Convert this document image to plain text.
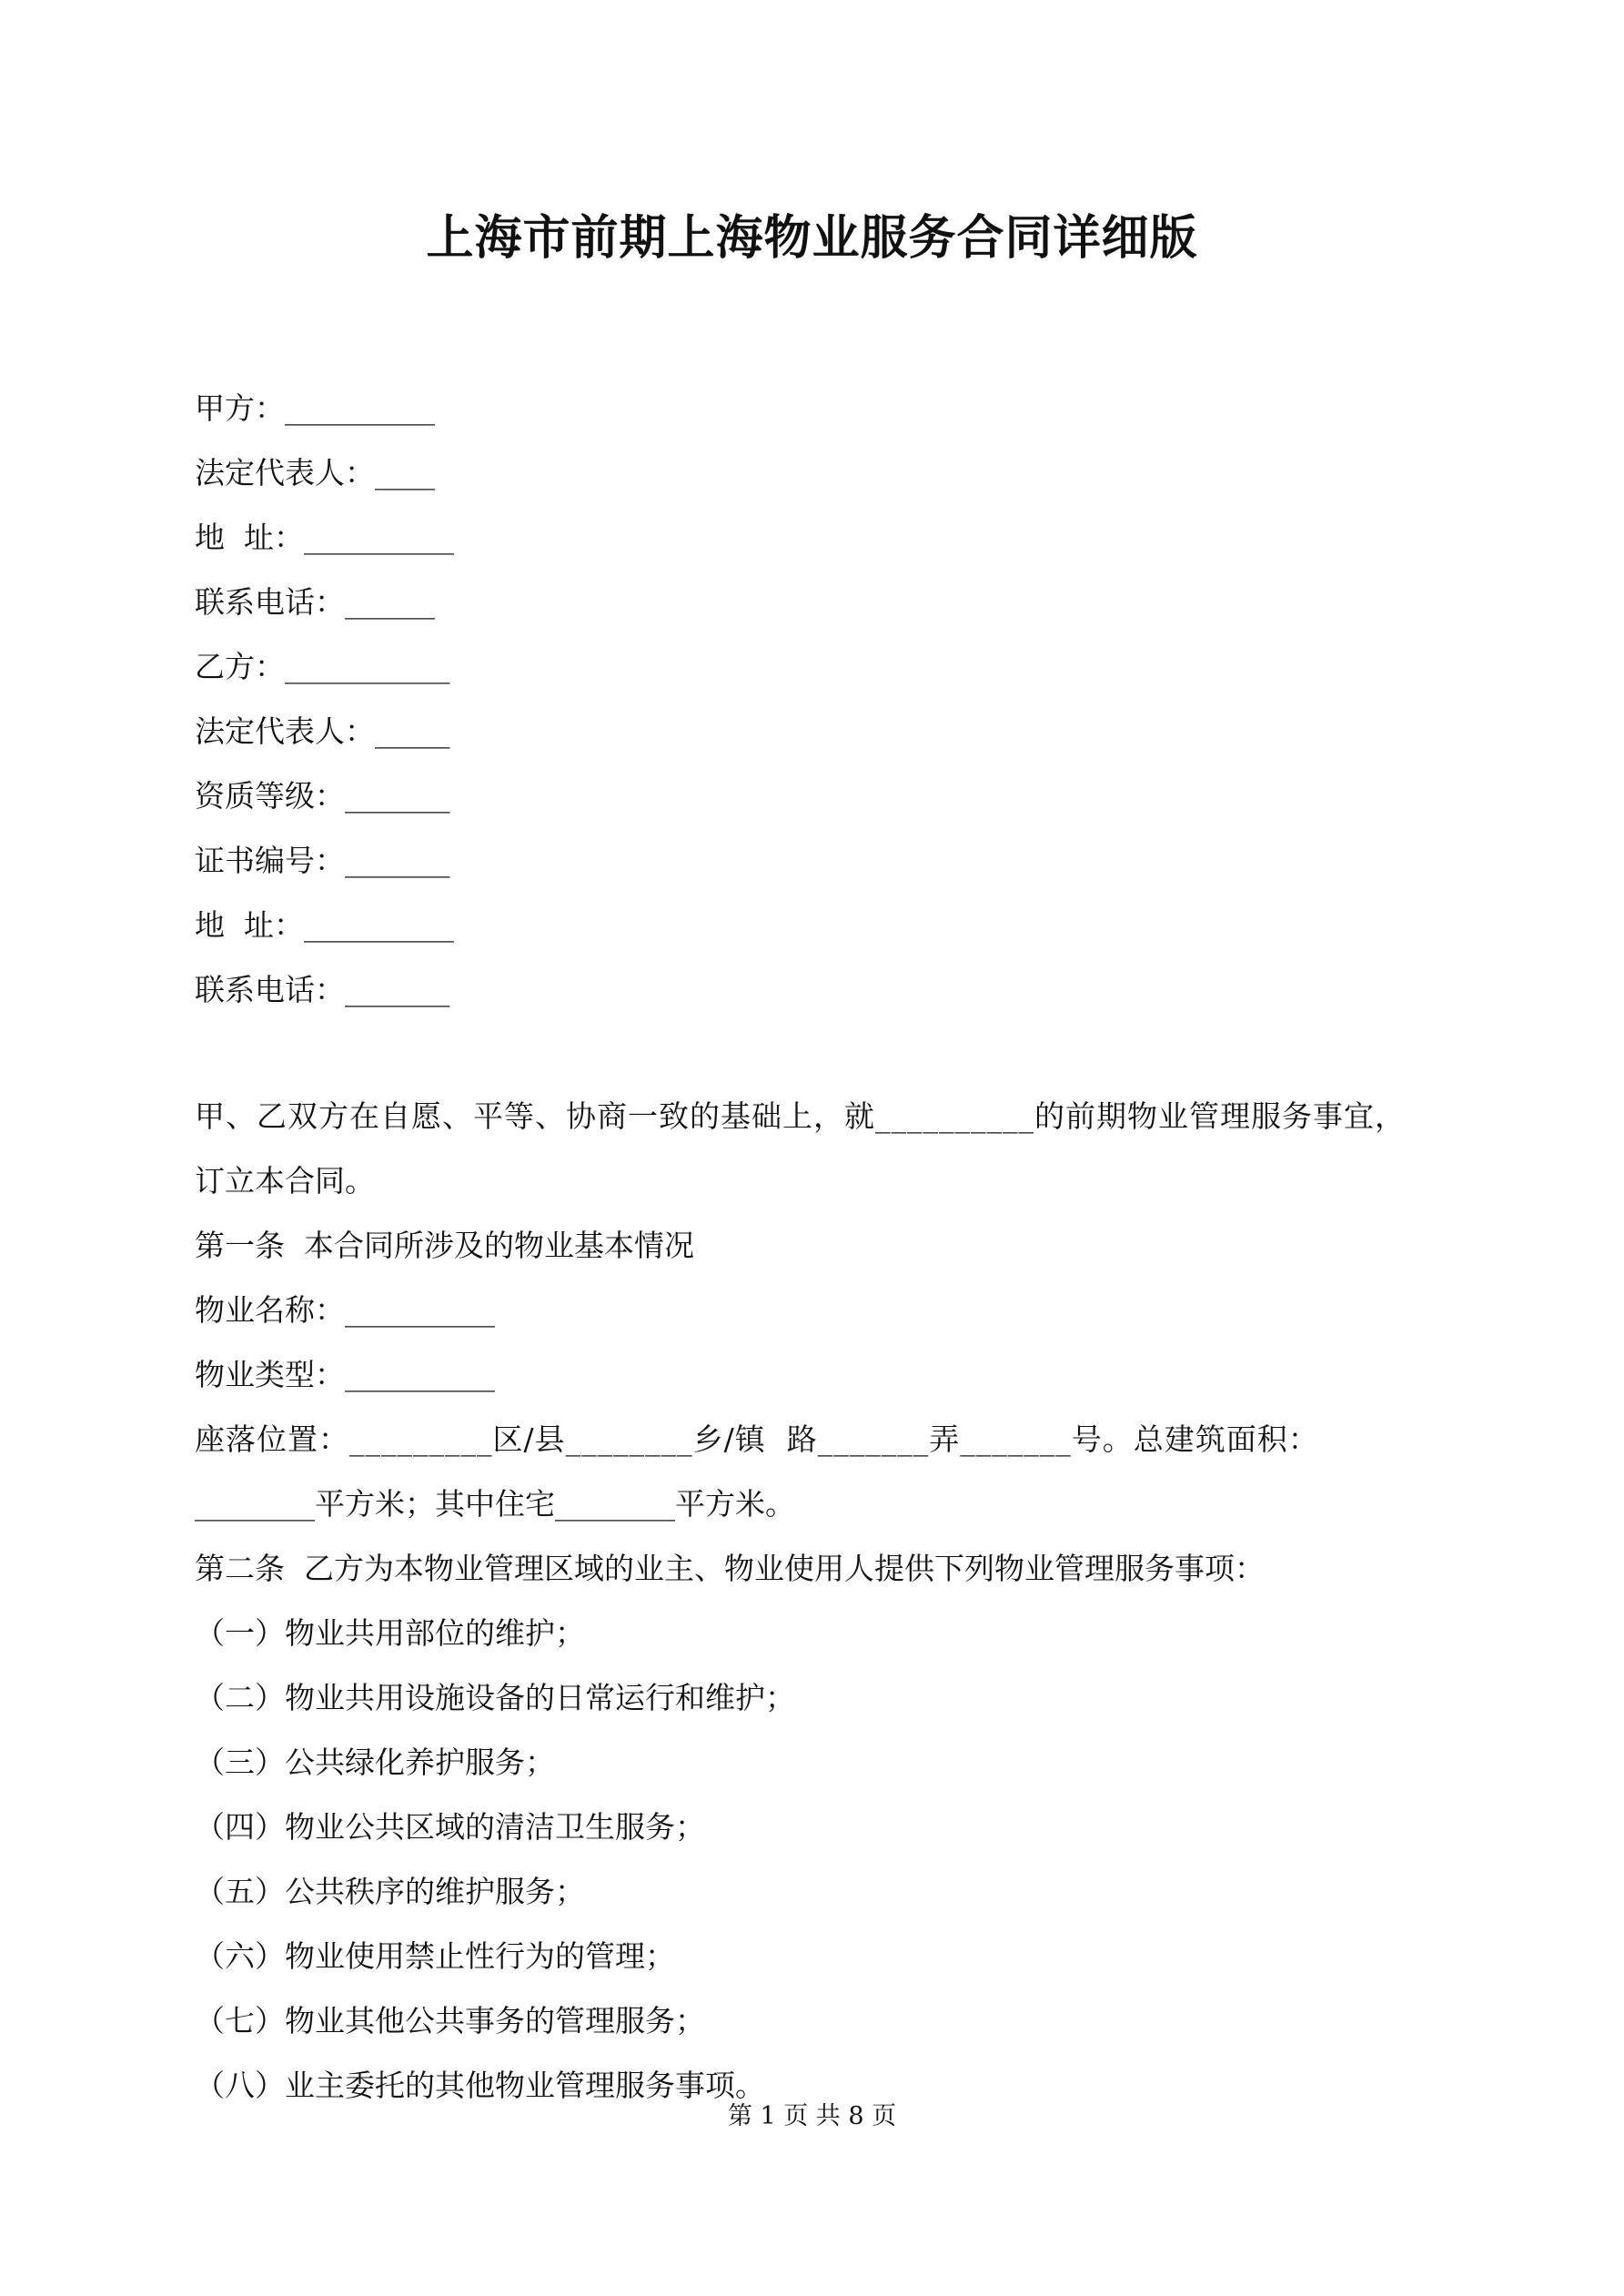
上海市前期上海物业服务合同详细版

甲方：__________

法定代表人：____

地  址：__________

联系电话：______

乙方：___________

法定代表人：_____

资质等级：_______

证书编号：_______

地  址：__________

联系电话：_______

甲、乙双方在自愿、平等、协商一致的基础上，就__________的前期物业管理服务事宜，

订立本合同。

第一条  本合同所涉及的物业基本情况

物业名称：__________

物业类型：__________

座落位置：_________区/县________乡/镇  路_______弄_______号。总建筑面积：

________平方米；其中住宅________平方米。

第二条  乙方为本物业管理区域的业主、物业使用人提供下列物业管理服务事项：

（一）物业共用部位的维护；

（二）物业共用设施设备的日常运行和维护；

（三）公共绿化养护服务；

（四）物业公共区域的清洁卫生服务；

（五）公共秩序的维护服务；

（六）物业使用禁止性行为的管理；

（七）物业其他公共事务的管理服务；

（八）业主委托的其他物业管理服务事项。

第 1 页 共 8 页
